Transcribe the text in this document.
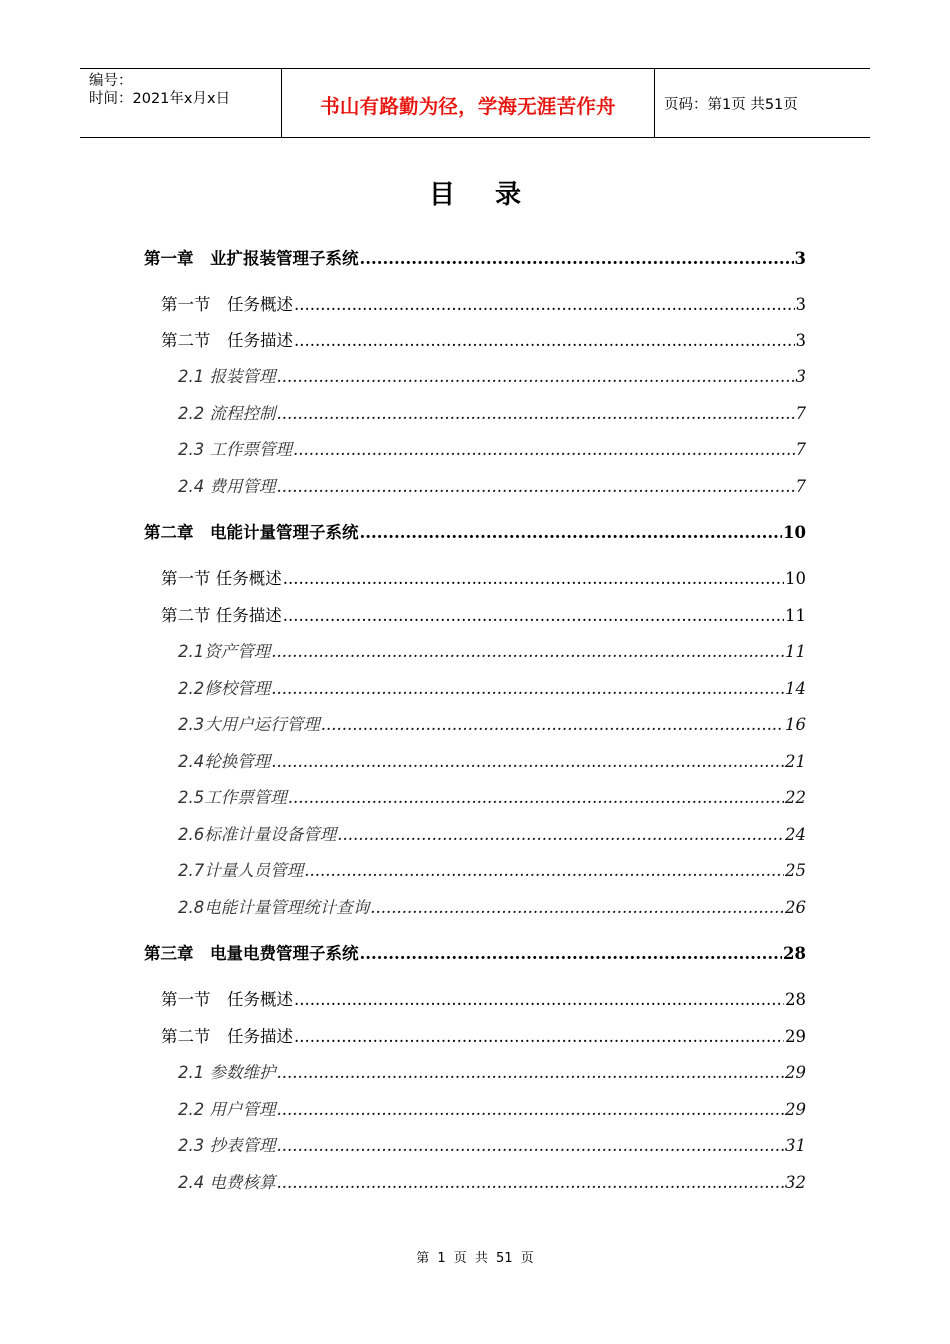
编号：
时间：2021年x月x日	书山有路勤为径，学海无涯苦作舟	页码：第1页 共51页
目录
第一章　业扩报装管理子系统 .....	3
第一节　任务概述 .....	3
第二节　任务描述 .....	3
2.1 报装管理 .....	3
2.2 流程控制 .....	7
2.3 工作票管理 .....	7
2.4 费用管理 .....	7
第二章　电能计量管理子系统 .....	10
第一节 任务概述 .....	10
第二节 任务描述 .....	11
2.1资产管理 .....	11
2.2修校管理 .....	14
2.3大用户运行管理 .....	16
2.4轮换管理 .....	21
2.5工作票管理 .....	22
2.6标准计量设备管理 .....	24
2.7计量人员管理 .....	25
2.8电能计量管理统计查询 .....	26
第三章　电量电费管理子系统 .....	28
第一节　任务概述 .....	28
第二节　任务描述 .....	29
2.1 参数维护 .....	29
2.2 用户管理 .....	29
2.3 抄表管理 .....	31
2.4 电费核算 .....	32
第 1 页 共 51 页
